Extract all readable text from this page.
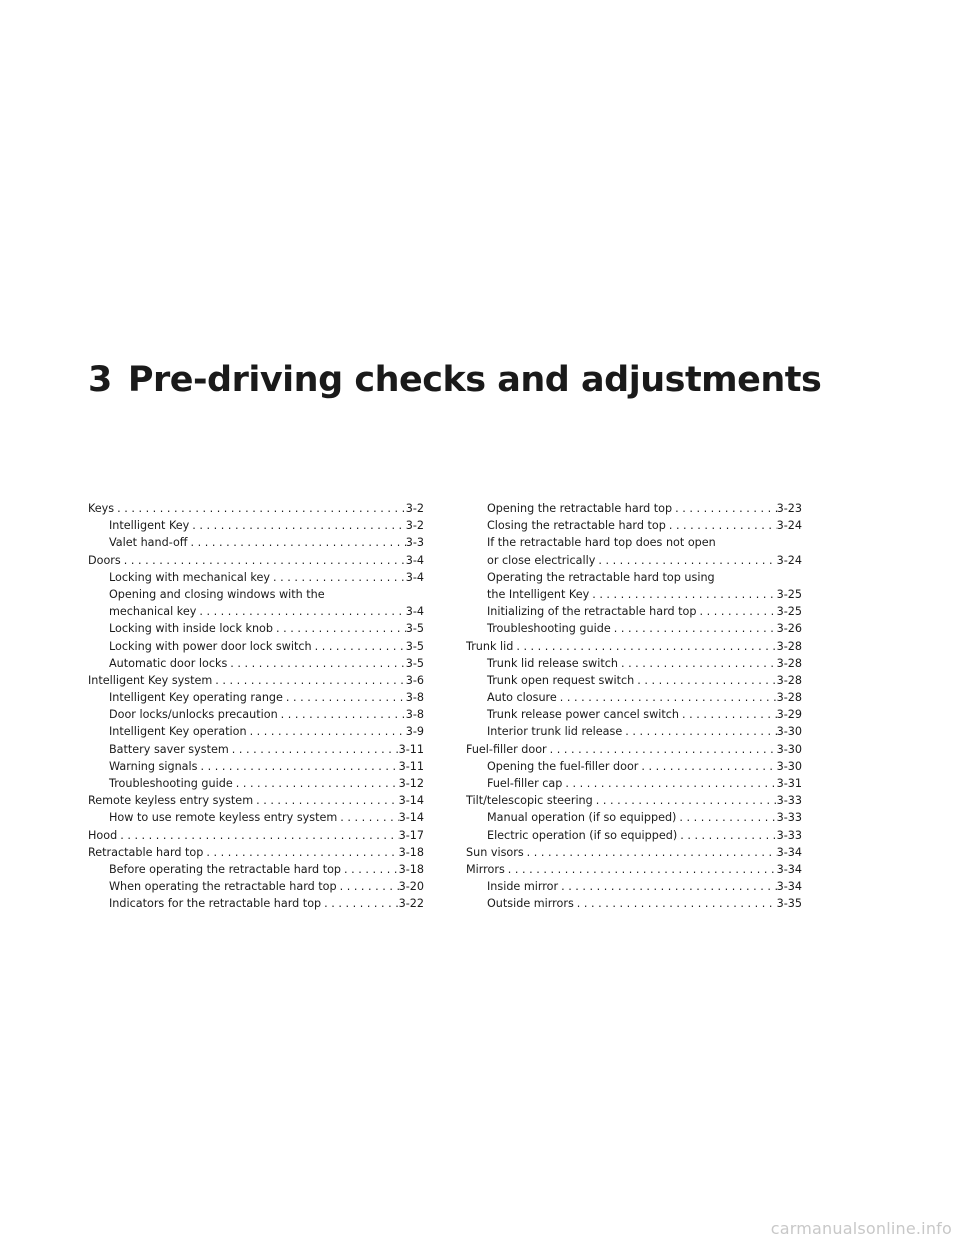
3 Pre-driving checks and adjustments
Keys . . .	3-2
Intelligent Key . . .	3-2
Valet hand-off . . .	3-3
Doors . . .	3-4
Locking with mechanical key . . .	3-4
Opening and closing windows with the
mechanical key . . .	3-4
Locking with inside lock knob . . .	3-5
Locking with power door lock switch . . .	3-5
Automatic door locks . . .	3-5
Intelligent Key system . . .	3-6
Intelligent Key operating range . . .	3-8
Door locks/unlocks precaution . . .	3-8
Intelligent Key operation . . .	3-9
Battery saver system . . .	3-11
Warning signals . . .	3-11
Troubleshooting guide . . .	3-12
Remote keyless entry system . . .	3-14
How to use remote keyless entry system . . .	3-14
Hood . . .	3-17
Retractable hard top . . .	3-18
Before operating the retractable hard top . . .	3-18
When operating the retractable hard top . . .	3-20
Indicators for the retractable hard top . . .	3-22
Opening the retractable hard top . . .	3-23
Closing the retractable hard top . . .	3-24
If the retractable hard top does not open
or close electrically . . .	3-24
Operating the retractable hard top using
the Intelligent Key . . .	3-25
Initializing of the retractable hard top . . .	3-25
Troubleshooting guide . . .	3-26
Trunk lid . . .	3-28
Trunk lid release switch . . .	3-28
Trunk open request switch . . .	3-28
Auto closure . . .	3-28
Trunk release power cancel switch . . .	3-29
Interior trunk lid release . . .	3-30
Fuel-filler door . . .	3-30
Opening the fuel-filler door . . .	3-30
Fuel-filler cap . . .	3-31
Tilt/telescopic steering . . .	3-33
Manual operation (if so equipped) . . .	3-33
Electric operation (if so equipped) . . .	3-33
Sun visors . . .	3-34
Mirrors . . .	3-34
Inside mirror . . .	3-34
Outside mirrors . . .	3-35
carmanualsonline.info
